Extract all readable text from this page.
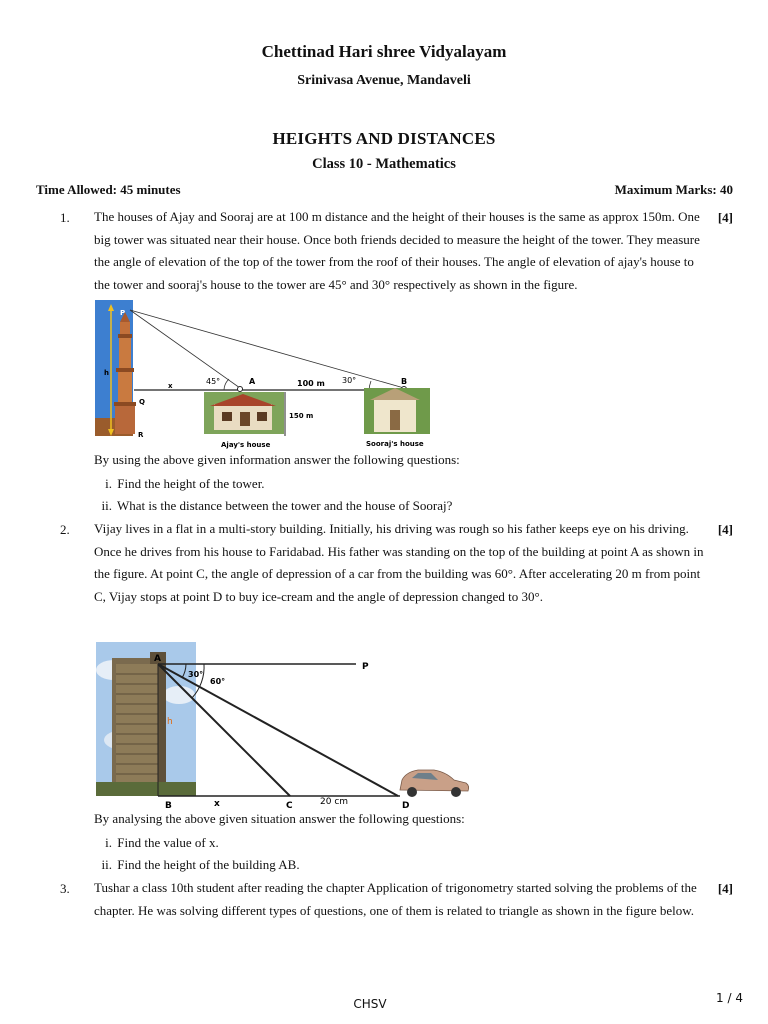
Chettinad Hari shree Vidyalayam
Srinivasa Avenue, Mandaveli
HEIGHTS AND DISTANCES
Class 10 - Mathematics
Time Allowed: 45 minutes	Maximum Marks: 40
1.	[4]

The houses of Ajay and Sooraj are at 100 m distance and the height of their houses is the same as approx 150m. One big tower was situated near their house. Once both friends decided to measure the height of the tower. They measure the angle of elevation of the top of the tower from the roof of their houses. The angle of elevation of ajay's house to the tower and sooraj's house to the tower are 45° and 30° respectively as shown in the figure.

P
h
x
Q
R
45°	A	100 m 30°	B
150 m
Ajay's house	Sooraj's house
By using the above given information answer the following questions:
i. Find the height of the tower.
ii. What is the distance between the tower and the house of Sooraj?
2.	[4]

Vijay lives in a flat in a multi-story building. Initially, his driving was rough so his father keeps eye on his driving. Once he drives from his house to Faridabad. His father was standing on the top of the building at point A as shown in the figure. At point C, the angle of depression of a car from the building was 60°. After accelerating 20 m from point C, Vijay stops at point D to buy ice-cream and the angle of depression changed to 30°.

A
P
30°
60°
h
B	x	C	20 cm	D
By analysing the above given situation answer the following questions:
i. Find the value of x.
ii. Find the height of the building AB.
3.	[4]

Tushar a class 10th student after reading the chapter Application of trigonometry started solving the problems of the chapter. He was solving different types of questions, one of them is related to triangle as shown in the figure below.

CHSV	1 / 4
